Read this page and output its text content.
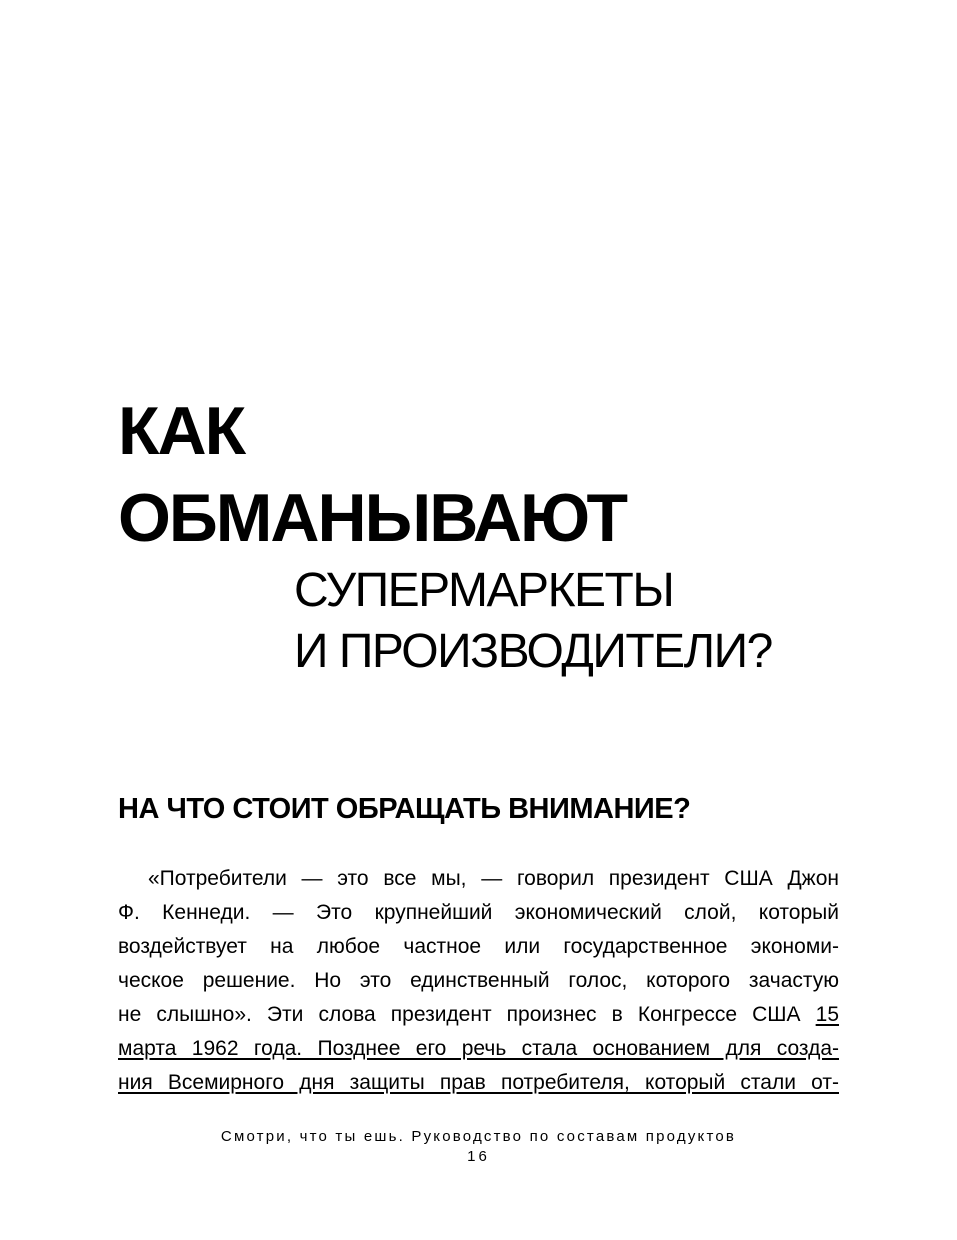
КАК
ОБМАНЫВАЮТ
СУПЕРМАРКЕТЫ
И ПРОИЗВОДИТЕЛИ?
НА ЧТО СТОИТ ОБРАЩАТЬ ВНИМАНИЕ?
«Потребители — это все мы, — говорил президент США Джон
Ф. Кеннеди. — Это крупнейший экономический слой, который
воздействует на любое частное или государственное экономи-
ческое решение. Но это единственный голос, которого зачастую
не слышно». Эти слова президент произнес в Конгрессе США 15
марта 1962 года. Позднее его речь стала основанием для созда-
ния Всемирного дня защиты прав потребителя, который стали от-
Смотри, что ты ешь. Руководство по составам продуктов
16
